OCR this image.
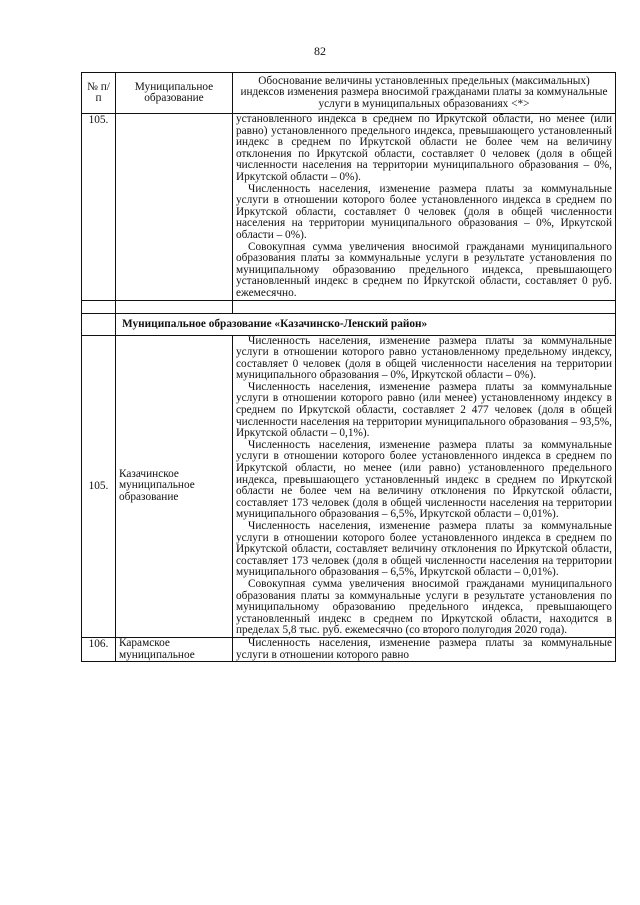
82
№ п/п	Муниципальное образование	Обоснование величины установленных предельных (максимальных) индексов изменения размера вносимой гражданами платы за коммунальные услуги в муниципальных образованиях <*>
105.		установленного индекса в среднем по Иркутской области, но менее (или равно) установленного предельного индекса, превышающего установленный индекс в среднем по Иркутской области не более чем на величину отклонения по Иркутской области, составляет 0 человек (доля в общей численности населения на территории муниципального образования – 0%, Иркутской области – 0%).

Численность населения, изменение размера платы за коммунальные услуги в отношении которого более установленного индекса в среднем по Иркутской области, составляет 0 человек (доля в общей численности населения на территории муниципального образования – 0%, Иркутской области – 0%).

Совокупная сумма увеличения вносимой гражданами муниципального образования платы за коммунальные услуги в результате установления по муниципальному образованию предельного индекса, превышающего установленный индекс в среднем по Иркутской области, составляет 0 руб. ежемесячно.

	Муниципальное образование «Казачинско-Ленский район»	
105.	Казачинское муниципальное образование	Численность населения, изменение размера платы за коммунальные услуги в отношении которого равно установленному предельному индексу, составляет 0 человек (доля в общей численности населения на территории муниципального образования – 0%, Иркутской области – 0%).

Численность населения, изменение размера платы за коммунальные услуги в отношении которого равно (или менее) установленному индексу в среднем по Иркутской области, составляет 2 477 человек (доля в общей численности населения на территории муниципального образования – 93,5%, Иркутской области – 0,1%).

Численность населения, изменение размера платы за коммунальные услуги в отношении которого более установленного индекса в среднем по Иркутской области, но менее (или равно) установленного предельного индекса, превышающего установленный индекс в среднем по Иркутской области не более чем на величину отклонения по Иркутской области, составляет 173 человек (доля в общей численности населения на территории муниципального образования – 6,5%, Иркутской области – 0,01%).

Численность населения, изменение размера платы за коммунальные услуги в отношении которого более установленного индекса в среднем по Иркутской области, составляет величину отклонения по Иркутской области, составляет 173 человек (доля в общей численности населения на территории муниципального образования – 6,5%, Иркутской области – 0,01%).

Совокупная сумма увеличения вносимой гражданами муниципального образования платы за коммунальные услуги в результате установления по муниципальному образованию предельного индекса, превышающего установленный индекс в среднем по Иркутской области, находится в пределах 5,8 тыс. руб. ежемесячно (со второго полугодия 2020 года).

106.	Карамское муниципальное	Численность населения, изменение размера платы за коммунальные услуги в отношении которого равно
